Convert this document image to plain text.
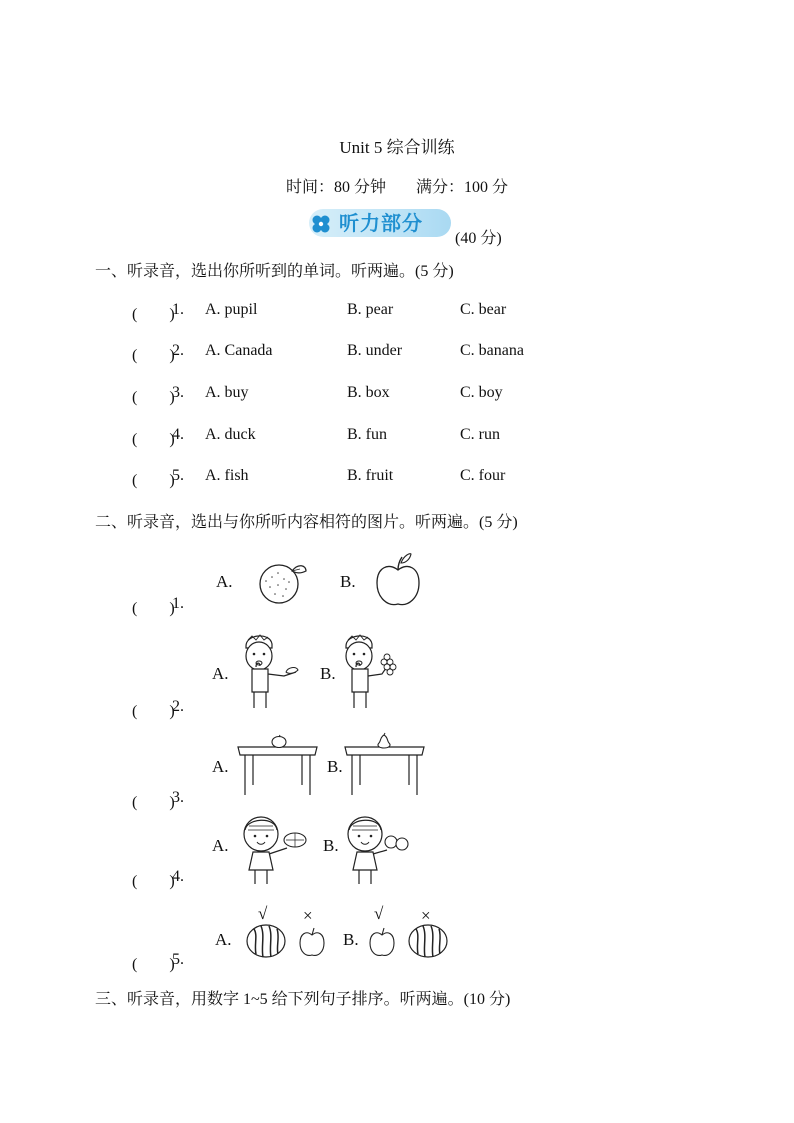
Unit 5 综合训练
时间：80 分钟 满分：100 分
听力部分
(40 分)
一、听录音，选出你所听到的单词。听两遍。(5 分)
(　　)
1. A. pupil	B. pear	C. bear
(　　)
2. A. Canada	B. under	C. banana
(　　)
3. A. buy	B. box	C. boy
(　　)
4. A. duck	B. fun	C. run
(　　)
5. A. fish	B. fruit	C. four
二、听录音，选出与你所听内容相符的图片。听两遍。(5 分)
(　　)
1.
A.	B.
(　　)
2.
A.	B.
(　　)
3.
A.	B.
(　　)
4.
A.	B.
(　　)
5.
A.
√ ×
B.
√ ×
三、听录音，用数字 1~5 给下列句子排序。听两遍。(10 分)
